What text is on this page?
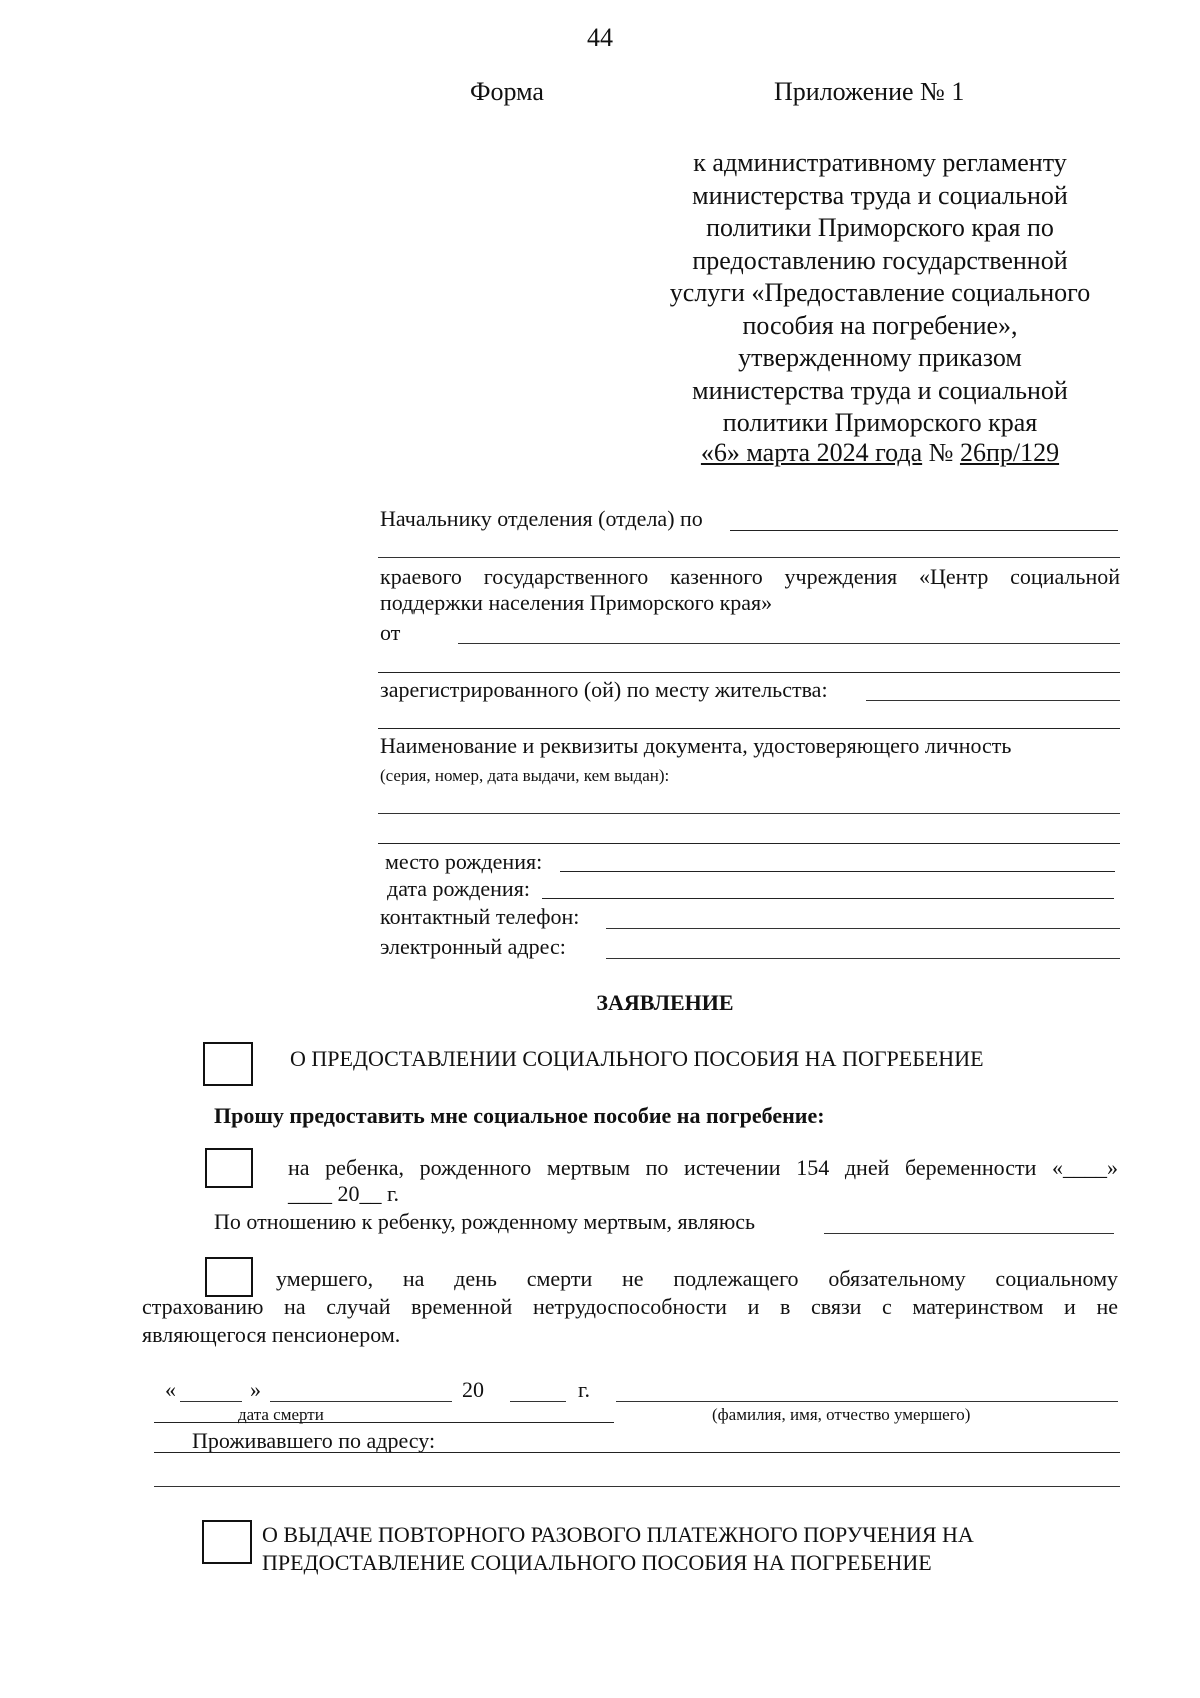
44
Форма	Приложение № 1
к административному регламенту
министерства труда и социальной
политики Приморского края по
предоставлению государственной
услуги «Предоставление социального
пособия на погребение»,
утвержденному приказом
министерства труда и социальной
политики Приморского края
«6» марта 2024 года № 26пр/129
Начальнику отделения (отдела) по
краевого государственного казенного учреждения «Центр социальной
поддержки населения Приморского края»
от
зарегистрированного (ой) по месту жительства:
Наименование и реквизиты документа, удостоверяющего личность
(серия, номер, дата выдачи, кем выдан):
место рождения:
дата рождения:
контактный телефон:
электронный адрес:
ЗАЯВЛЕНИЕ
О ПРЕДОСТАВЛЕНИИ СОЦИАЛЬНОГО ПОСОБИЯ НА ПОГРЕБЕНИЕ
Прошу предоставить мне социальное пособие на погребение:
на ребенка, рожденного мертвым по истечении 154 дней беременности «____»
____ 20__ г.
По отношению к ребенку, рожденному мертвым, являюсь
умершего, на день смерти не подлежащего обязательному социальному
страхованию на случай временной нетрудоспособности и в связи с материнством и не
являющегося пенсионером.
«	»	20	г.
дата смерти	(фамилия, имя, отчество умершего)
Проживавшего по адресу:
О ВЫДАЧЕ ПОВТОРНОГО РАЗОВОГО ПЛАТЕЖНОГО ПОРУЧЕНИЯ НА
ПРЕДОСТАВЛЕНИЕ СОЦИАЛЬНОГО ПОСОБИЯ НА ПОГРЕБЕНИЕ
